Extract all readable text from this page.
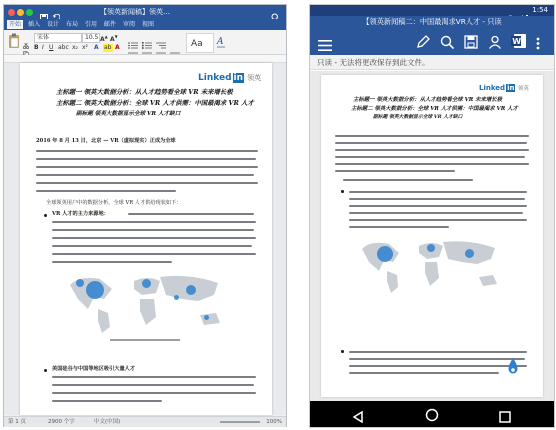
【领英新闻稿】领英…
开始	插入	设计	布局	引用	邮件	审阅	视图
宋体	10.5 A▲ A▼
B I U abc x₂ x² A ab A	Aa A
Linked in 领英
主标题一 领英大数据分析：从人才趋势看全球 VR 未来增长极
主标题二 领英大数据分析：全球 VR 人才供需：中国最渴求 VR 人才
副标题 领英大数据显示全球 VR 人才缺口
2016 年 8 月 13 日，北京 — VR（虚拟现实）正成为全球
全球领英用户中的数据分析，全球 VR 人才供给现状如下：
VR 人才的主力来源地：
美国硅谷与中国等地区吸引大量人才
第 1 页	2900 个字	中文(中国)	100%
1:54
【领英新闻稿二：中国最渴求VR人才 - 只读
W
只读 - 无法将更改保存到此文件。
Linked in 领英
主标题一 领英大数据分析：从人才趋势看全球 VR 未来增长极
主标题二 领英大数据分析：全球 VR 人才供需：中国最渴求 VR 人才
副标题 领英大数据显示全球 VR 人才缺口
